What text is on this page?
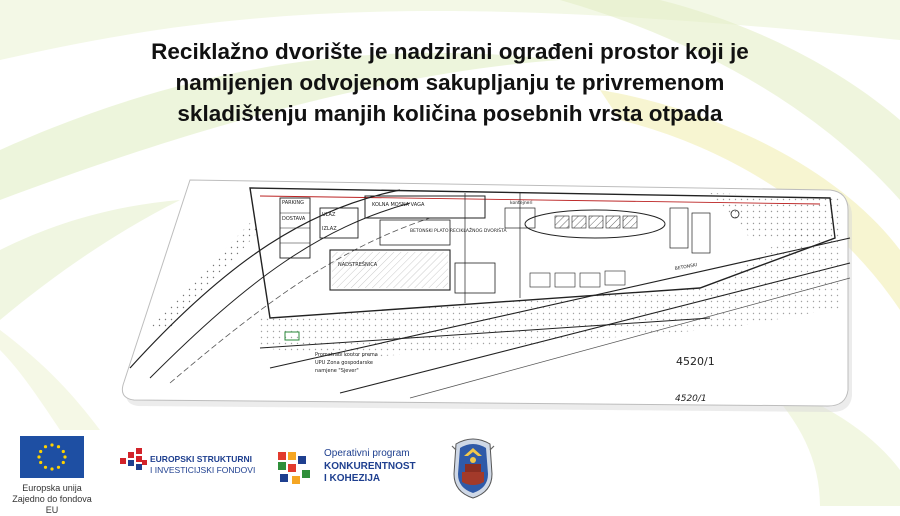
Reciklažno dvorište je nadzirani ograđeni prostor koji je
namijenjen odvojenom sakupljanju te privremenom
skladištenju manjih količina posebnih vrsta otpada
PARKING
DOSTAVA
ULAZ
IZLAZ
KOLNA MOSNA VAGA
BETONSKI PLATO RECIKLAŽNOG DVORIŠTA
NADSTREŠNICA
kontejneri
BETONSKI
Promatrani kontor prema
UPU Zona gospodarske
namjene "Sjever"
4520/1
4520/1
Europska unija
Zajedno do fondova EU
EUROPSKI STRUKTURNI
I INVESTICIJSKI FONDOVI
Operativni program
KONKURENTNOST
I KOHEZIJA
